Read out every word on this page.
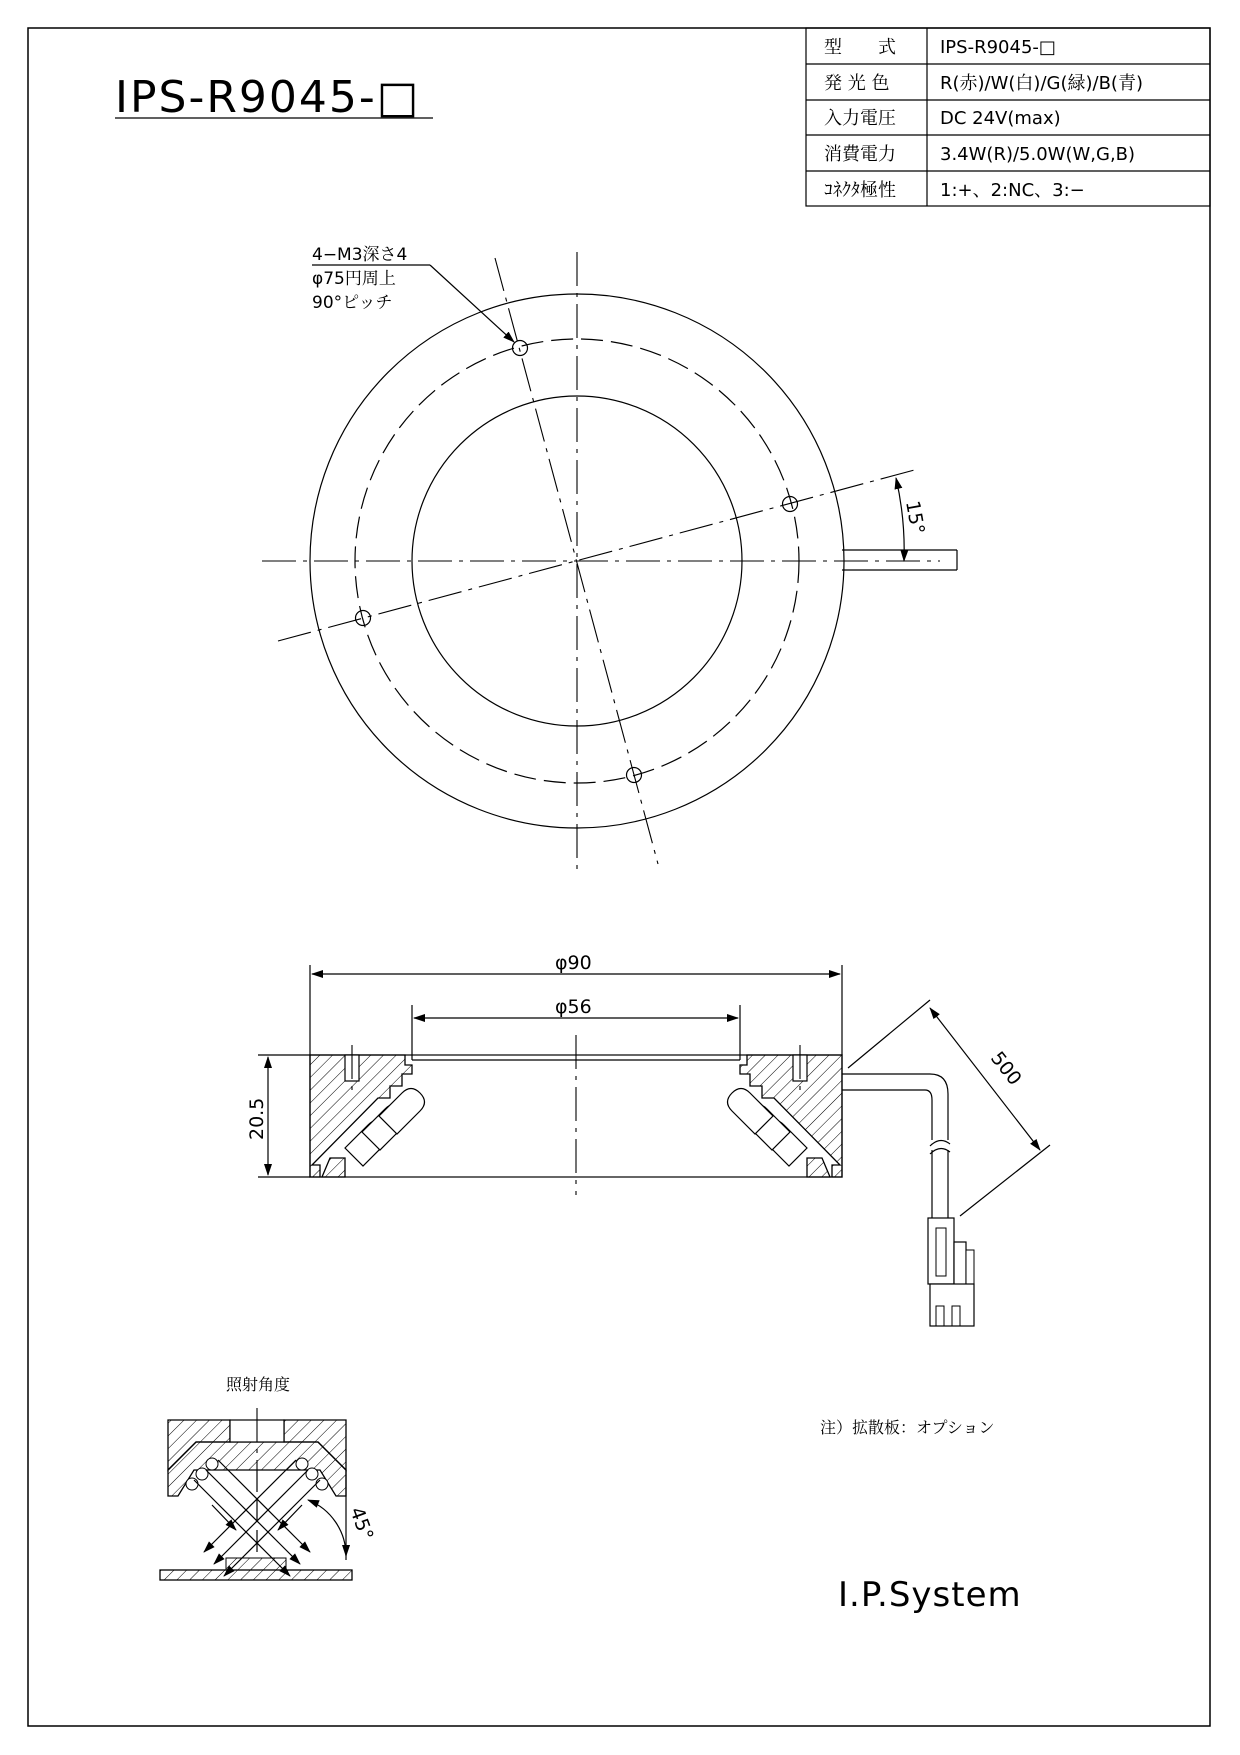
IPS-R9045-□
型　　式 IPS-R9045-□
発 光 色	R(赤)/W(白)/G(緑)/B(青)
入力電圧 DC 24V(max)
消費電力 3.4W(R)/5.0W(W,G,B)
ｺﾈｸﾀ極性 1:+、2:NC、3:−
15°
4−M3深さ4
φ75円周上
90°ピッチ
φ90
φ56
20.5
500
照射角度
45°
注）拡散板：オプション
I.P.System
